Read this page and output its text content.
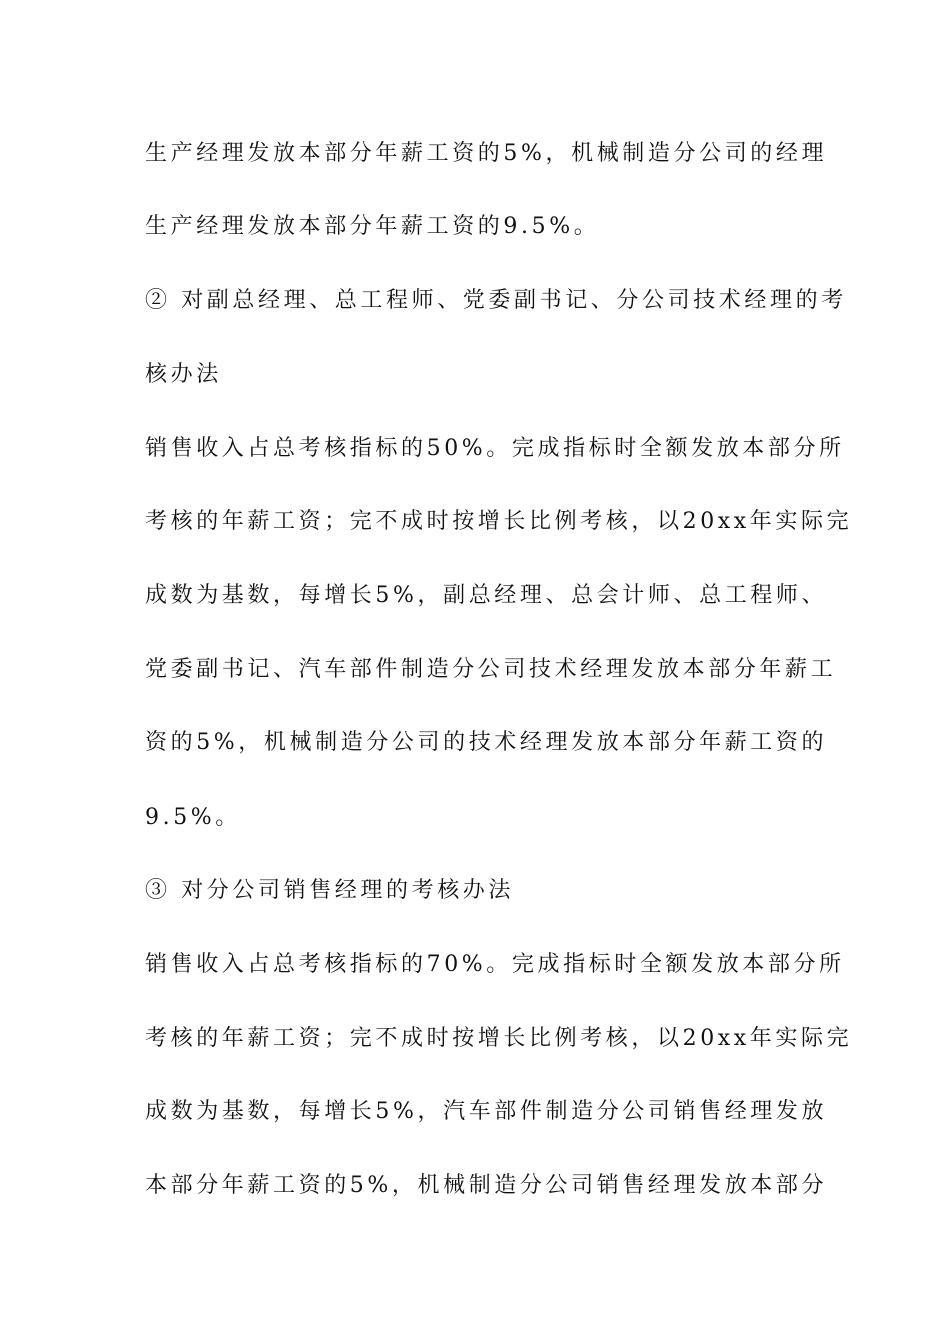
生产经理发放本部分年薪工资的5%，机械制造分公司的经理
生产经理发放本部分年薪工资的9.5%。
② 对副总经理、总工程师、党委副书记、分公司技术经理的考
核办法
销售收入占总考核指标的50%。完成指标时全额发放本部分所
考核的年薪工资；完不成时按增长比例考核，以20xx年实际完
成数为基数，每增长5%，副总经理、总会计师、总工程师、
党委副书记、汽车部件制造分公司技术经理发放本部分年薪工
资的5%，机械制造分公司的技术经理发放本部分年薪工资的
9.5%。
③ 对分公司销售经理的考核办法
销售收入占总考核指标的70%。完成指标时全额发放本部分所
考核的年薪工资；完不成时按增长比例考核，以20xx年实际完
成数为基数，每增长5%，汽车部件制造分公司销售经理发放
本部分年薪工资的5%，机械制造分公司销售经理发放本部分
